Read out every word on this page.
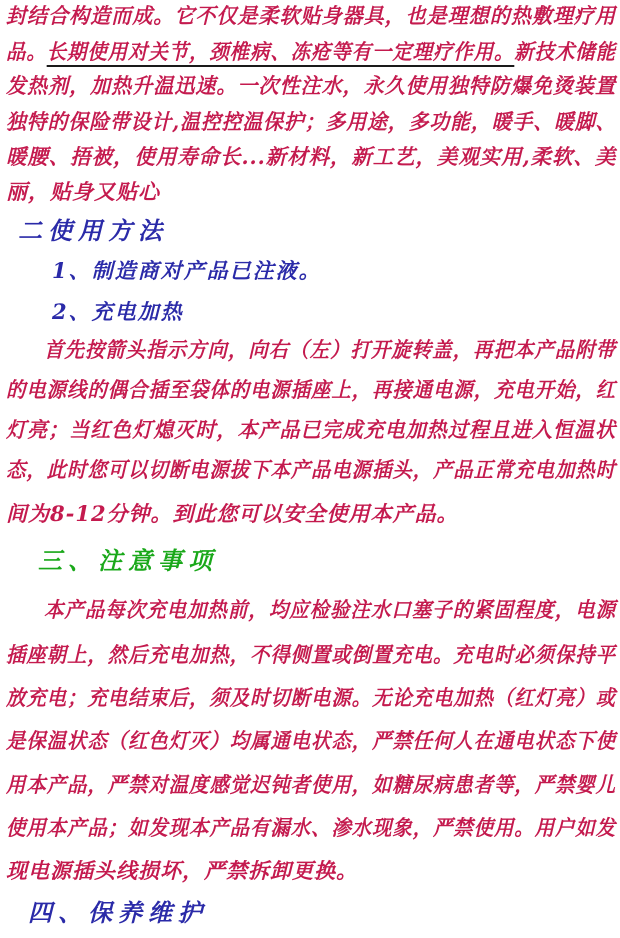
封结合构造而成。它不仅是柔软贴身器具，也是理想的热敷理疗用
品。长期使用对关节，颈椎病、冻疮等有一定理疗作用。新技术储能
发热剂，加热升温迅速。一次性注水，永久使用独特防爆免烫装置
独特的保险带设计,温控控温保护；多用途，多功能，暖手、暖脚、
暖腰、捂被，使用寿命长...新材料，新工艺，美观实用,柔软、美
丽，贴身又贴心
二使用方法
1、制造商对产品已注液。
2、充电加热
首先按箭头指示方向，向右（左）打开旋转盖，再把本产品附带
的电源线的偶合插至袋体的电源插座上，再接通电源，充电开始，红
灯亮；当红色灯熄灭时，本产品已完成充电加热过程且进入恒温状
态，此时您可以切断电源拔下本产品电源插头，产品正常充电加热时
间为8-12分钟。到此您可以安全使用本产品。
三、注意事项
本产品每次充电加热前，均应检验注水口塞子的紧固程度，电源
插座朝上，然后充电加热，不得侧置或倒置充电。充电时必须保持平
放充电；充电结束后，须及时切断电源。无论充电加热（红灯亮）或
是保温状态（红色灯灭）均属通电状态，严禁任何人在通电状态下使
用本产品，严禁对温度感觉迟钝者使用，如糖尿病患者等，严禁婴儿
使用本产品；如发现本产品有漏水、渗水现象，严禁使用。用户如发
现电源插头线损坏，严禁拆卸更换。
四、保养维护
